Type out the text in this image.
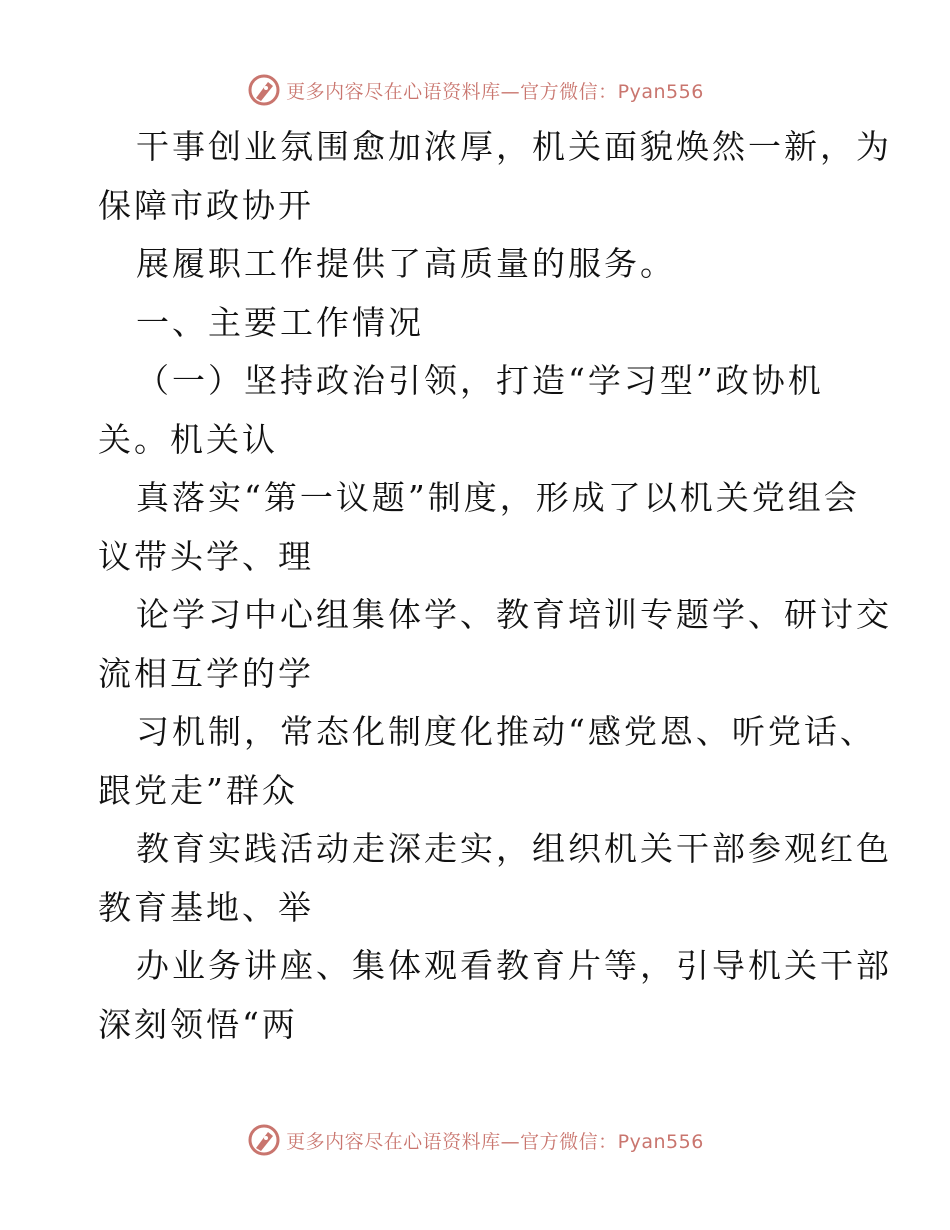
更多内容尽在心语资料库—官方微信：Pyan556

干事创业氛围愈加浓厚，机关面貌焕然一新，为
保障市政协开

展履职工作提供了高质量的服务。

一、主要工作情况

（一）坚持政治引领，打造“学习型”政协机
关。机关认

真落实“第一议题”制度，形成了以机关党组会
议带头学、理

论学习中心组集体学、教育培训专题学、研讨交
流相互学的学

习机制，常态化制度化推动“感党恩、听党话、
跟党走”群众

教育实践活动走深走实，组织机关干部参观红色
教育基地、举

办业务讲座、集体观看教育片等，引导机关干部
深刻领悟“两

更多内容尽在心语资料库—官方微信：Pyan556
